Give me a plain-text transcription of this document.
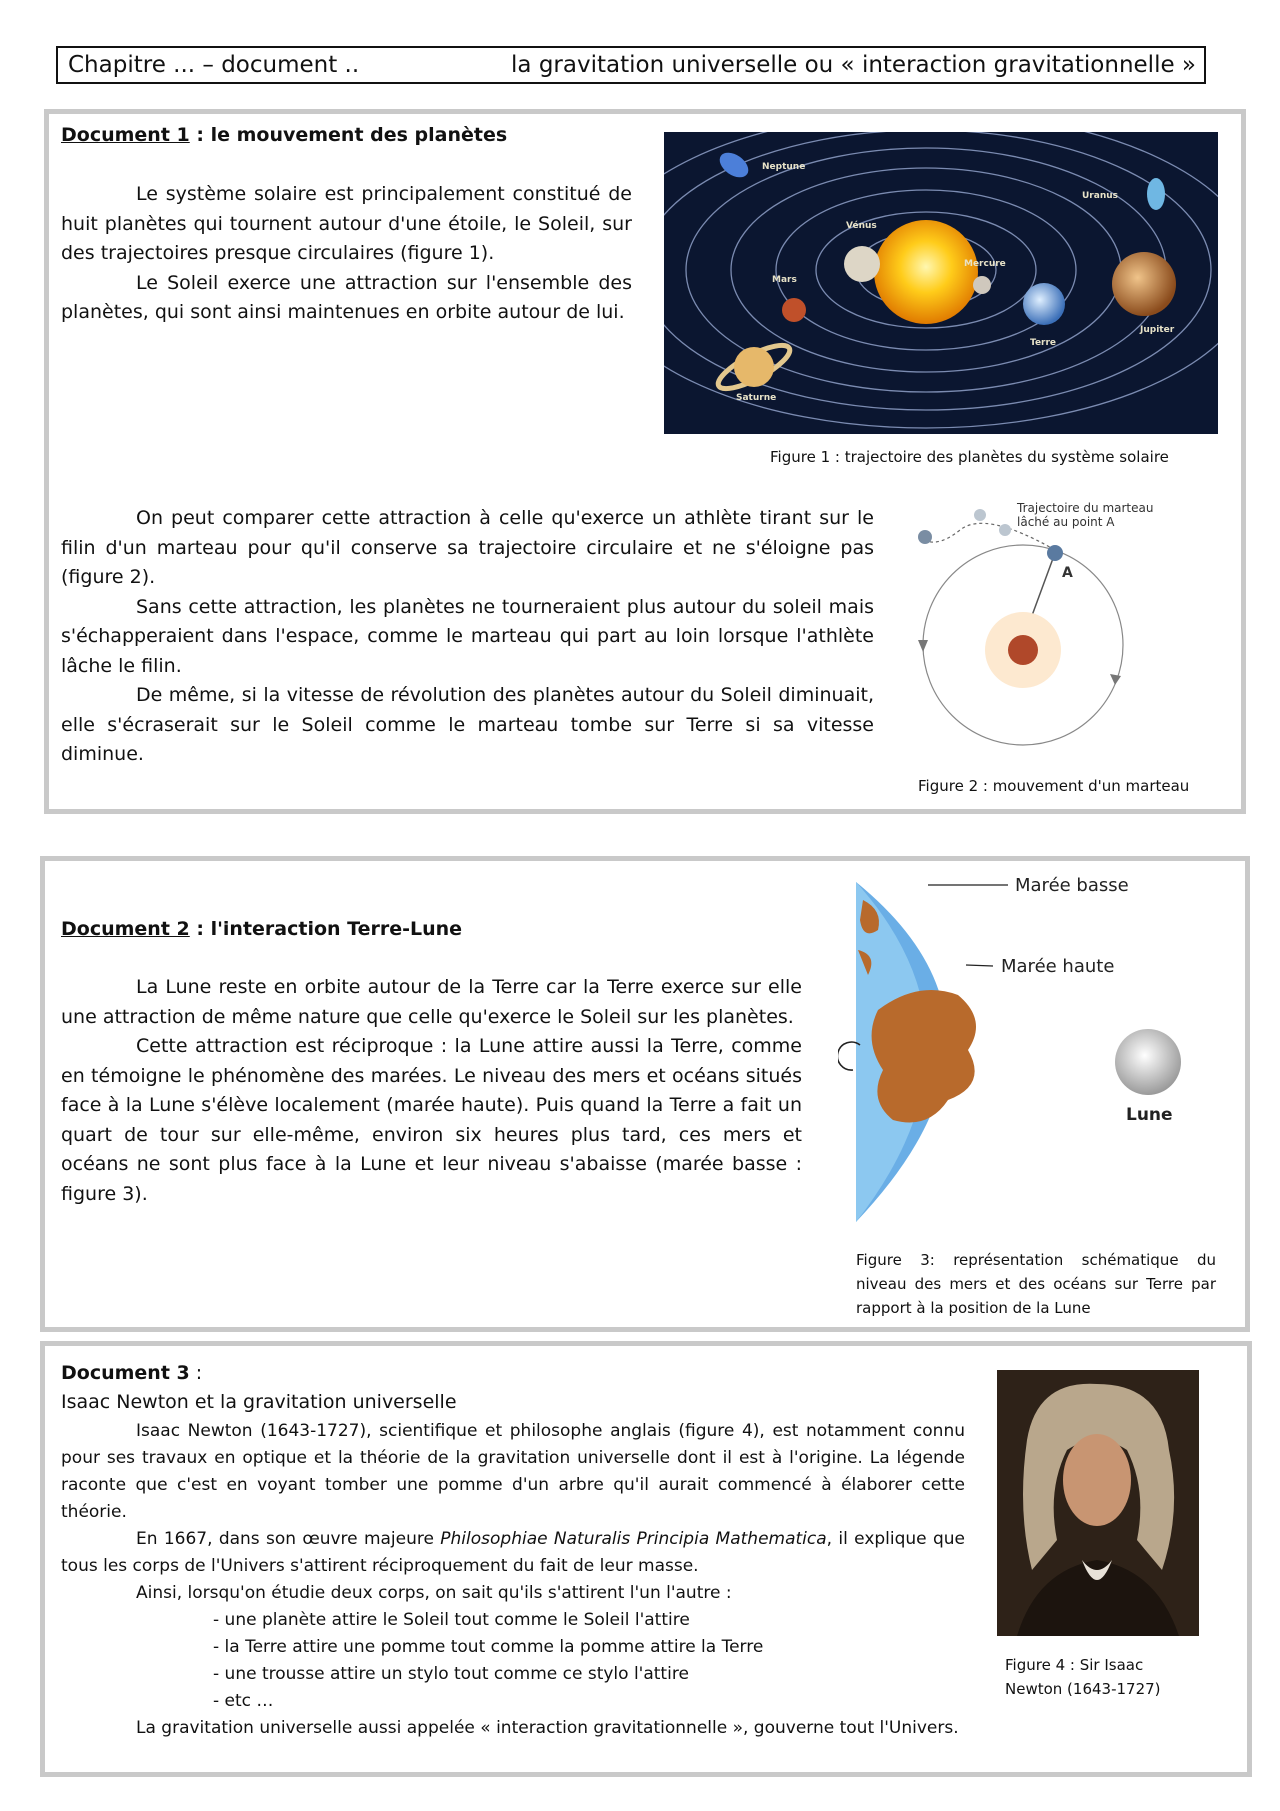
Chapitre ... – document ..	la gravitation universelle ou « interaction gravitationnelle »
Document 1 : le mouvement des planètes

Le système solaire est principalement constitué de huit planètes qui tournent autour d'une étoile, le Soleil, sur des trajectoires presque circulaires (figure 1).

Le Soleil exerce une attraction sur l'ensemble des planètes, qui sont ainsi maintenues en orbite autour de lui.

Neptune
Uranus
Vénus
Mars
Mercure
Terre
Jupiter
Saturne
Figure 1 : trajectoire des planètes du système solaire

On peut comparer cette attraction à celle qu'exerce un athlète tirant sur le filin d'un marteau pour qu'il conserve sa trajectoire circulaire et ne s'éloigne pas (figure 2).

Sans cette attraction, les planètes ne tourneraient plus autour du soleil mais s'échapperaient dans l'espace, comme le marteau qui part au loin lorsque l'athlète lâche le filin.

De même, si la vitesse de révolution des planètes autour du Soleil diminuait, elle s'écraserait sur le Soleil comme le marteau tombe sur Terre si sa vitesse diminue.

A
Trajectoire du marteau
lâché au point A
Figure 2 : mouvement d'un marteau
Document 2 : l'interaction Terre-Lune

La Lune reste en orbite autour de la Terre car la Terre exerce sur elle une attraction de même nature que celle qu'exerce le Soleil sur les planètes.

Cette attraction est réciproque : la Lune attire aussi la Terre, comme en témoigne le phénomène des marées. Le niveau des mers et océans situés face à la Lune s'élève localement (marée haute). Puis quand la Terre a fait un quart de tour sur elle-même, environ six heures plus tard, ces mers et océans ne sont plus face à la Lune et leur niveau s'abaisse (marée basse : figure 3).

Marée basse
Marée haute
Lune
Figure 3: représentation schématique du niveau des mers et des océans sur Terre par rapport à la position de la Lune
Document 3 :
Isaac Newton et la gravitation universelle

Isaac Newton (1643-1727), scientifique et philosophe anglais (figure 4), est notamment connu pour ses travaux en optique et la théorie de la gravitation universelle dont il est à l'origine. La légende raconte que c'est en voyant tomber une pomme d'un arbre qu'il aurait commencé à élaborer cette théorie.

En 1667, dans son œuvre majeure Philosophiae Naturalis Principia Mathematica, il explique que tous les corps de l'Univers s'attirent réciproquement du fait de leur masse.

Ainsi, lorsqu'on étudie deux corps, on sait qu'ils s'attirent l'un l'autre :

- une planète attire le Soleil tout comme le Soleil l'attire
- la Terre attire une pomme tout comme la pomme attire la Terre
- une trousse attire un stylo tout comme ce stylo l'attire
- etc …
La gravitation universelle aussi appelée « interaction gravitationnelle », gouverne tout l'Univers.
Figure 4 : Sir Isaac Newton (1643-1727)
